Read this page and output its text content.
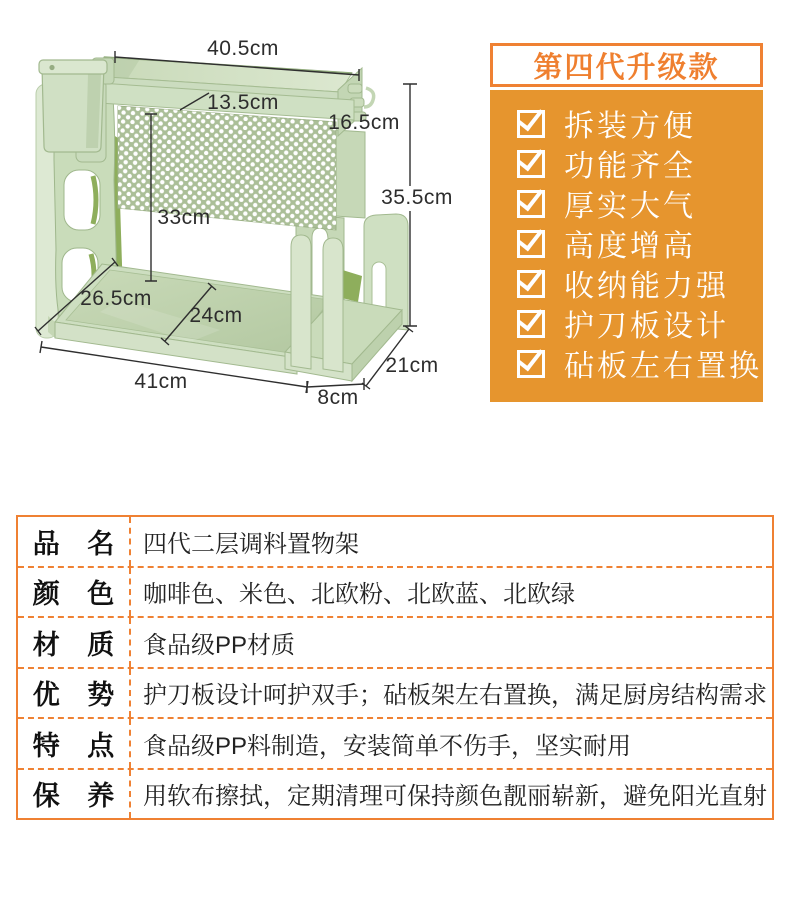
40.5cm
13.5cm
16.5cm
33cm
35.5cm
26.5cm
24cm
41cm
8cm
21cm
第四代升级款
拆装方便
功能齐全
厚实大气
高度增高
收纳能力强
护刀板设计
砧板左右置换
品 名	四代二层调料置物架
颜 色	咖啡色、米色、北欧粉、北欧蓝、北欧绿
材 质	食品级PP材质
优 势	护刀板设计呵护双手；砧板架左右置换，满足厨房结构需求
特 点	食品级PP料制造，安装简单不伤手，坚实耐用
保 养	用软布擦拭，定期清理可保持颜色靓丽崭新，避免阳光直射
